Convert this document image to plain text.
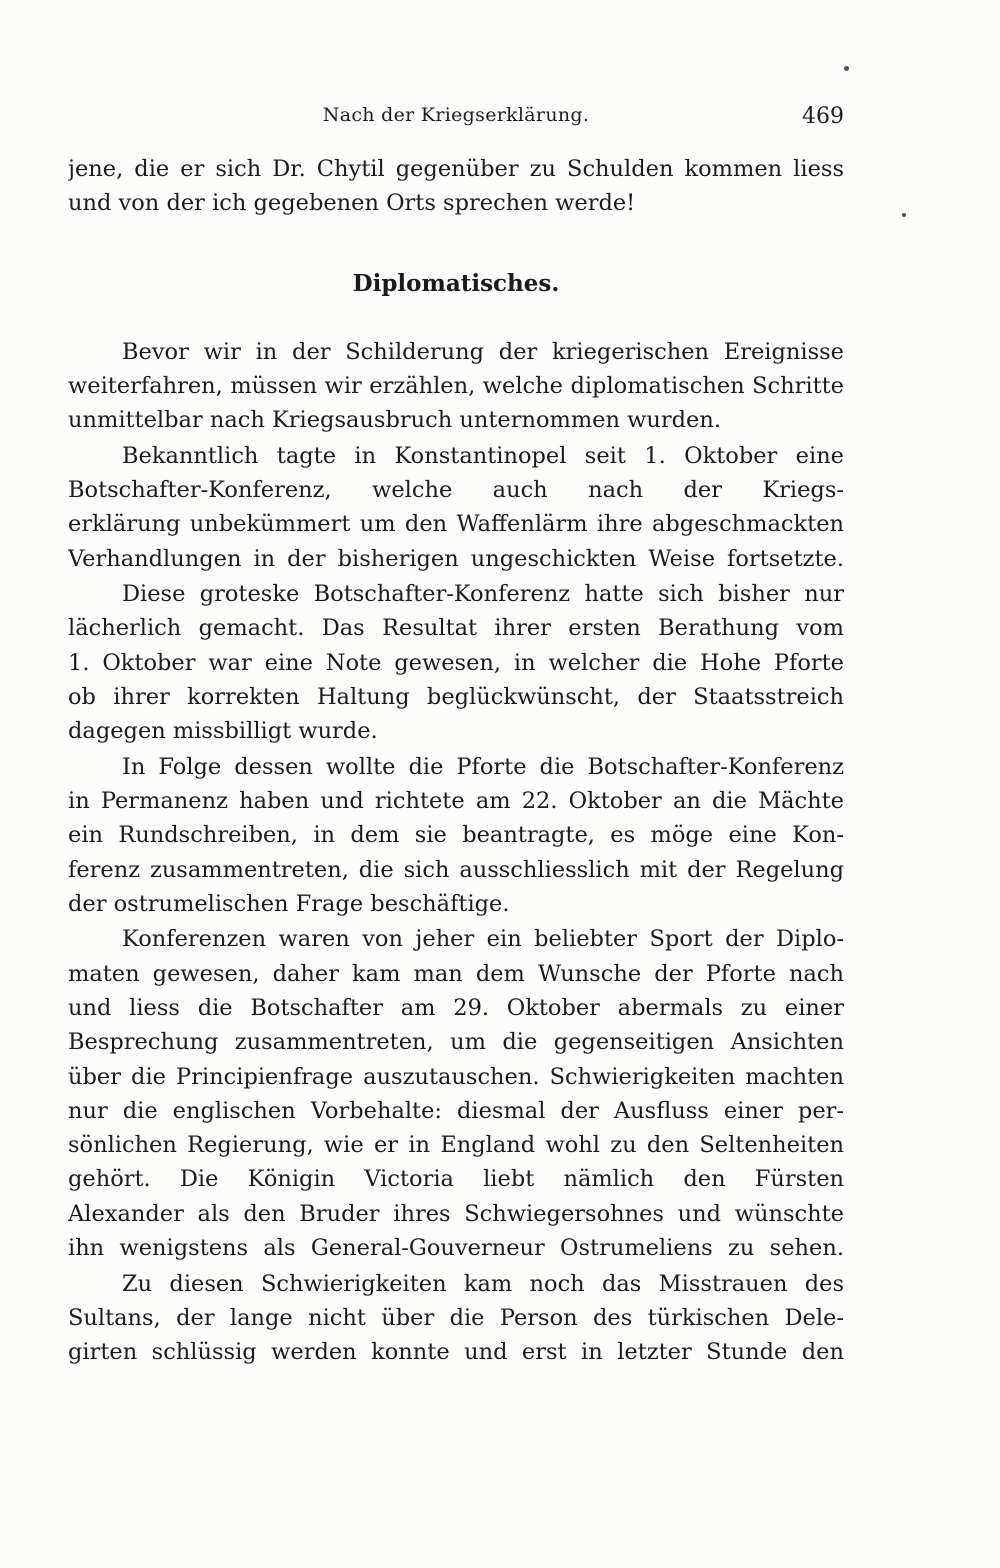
Nach der Kriegserklärung.	469
jene, die er sich Dr. Chytil gegenüber zu Schulden kommen liess
und von der ich gegebenen Orts sprechen werde!
Diplomatisches.
Bevor wir in der Schilderung der kriegerischen Ereignisse
weiterfahren, müssen wir erzählen, welche diplomatischen Schritte
unmittelbar nach Kriegsausbruch unternommen wurden.
Bekanntlich tagte in Konstantinopel seit 1. Oktober eine
Botschafter-Konferenz, welche auch nach der Kriegs-
erklärung unbekümmert um den Waffenlärm ihre abgeschmackten
Verhandlungen in der bisherigen ungeschickten Weise fortsetzte.
Diese groteske Botschafter-Konferenz hatte sich bisher nur
lächerlich gemacht. Das Resultat ihrer ersten Berathung vom
1. Oktober war eine Note gewesen, in welcher die Hohe Pforte
ob ihrer korrekten Haltung beglückwünscht, der Staatsstreich
dagegen missbilligt wurde.
In Folge dessen wollte die Pforte die Botschafter-Konferenz
in Permanenz haben und richtete am 22. Oktober an die Mächte
ein Rundschreiben, in dem sie beantragte, es möge eine Kon-
ferenz zusammentreten, die sich ausschliesslich mit der Regelung
der ostrumelischen Frage beschäftige.
Konferenzen waren von jeher ein beliebter Sport der Diplo-
maten gewesen, daher kam man dem Wunsche der Pforte nach
und liess die Botschafter am 29. Oktober abermals zu einer
Besprechung zusammentreten, um die gegenseitigen Ansichten
über die Principienfrage auszutauschen. Schwierigkeiten machten
nur die englischen Vorbehalte: diesmal der Ausfluss einer per-
sönlichen Regierung, wie er in England wohl zu den Seltenheiten
gehört. Die Königin Victoria liebt nämlich den Fürsten
Alexander als den Bruder ihres Schwiegersohnes und wünschte
ihn wenigstens als General-Gouverneur Ostrumeliens zu sehen.
Zu diesen Schwierigkeiten kam noch das Misstrauen des
Sultans, der lange nicht über die Person des türkischen Dele-
girten schlüssig werden konnte und erst in letzter Stunde den
